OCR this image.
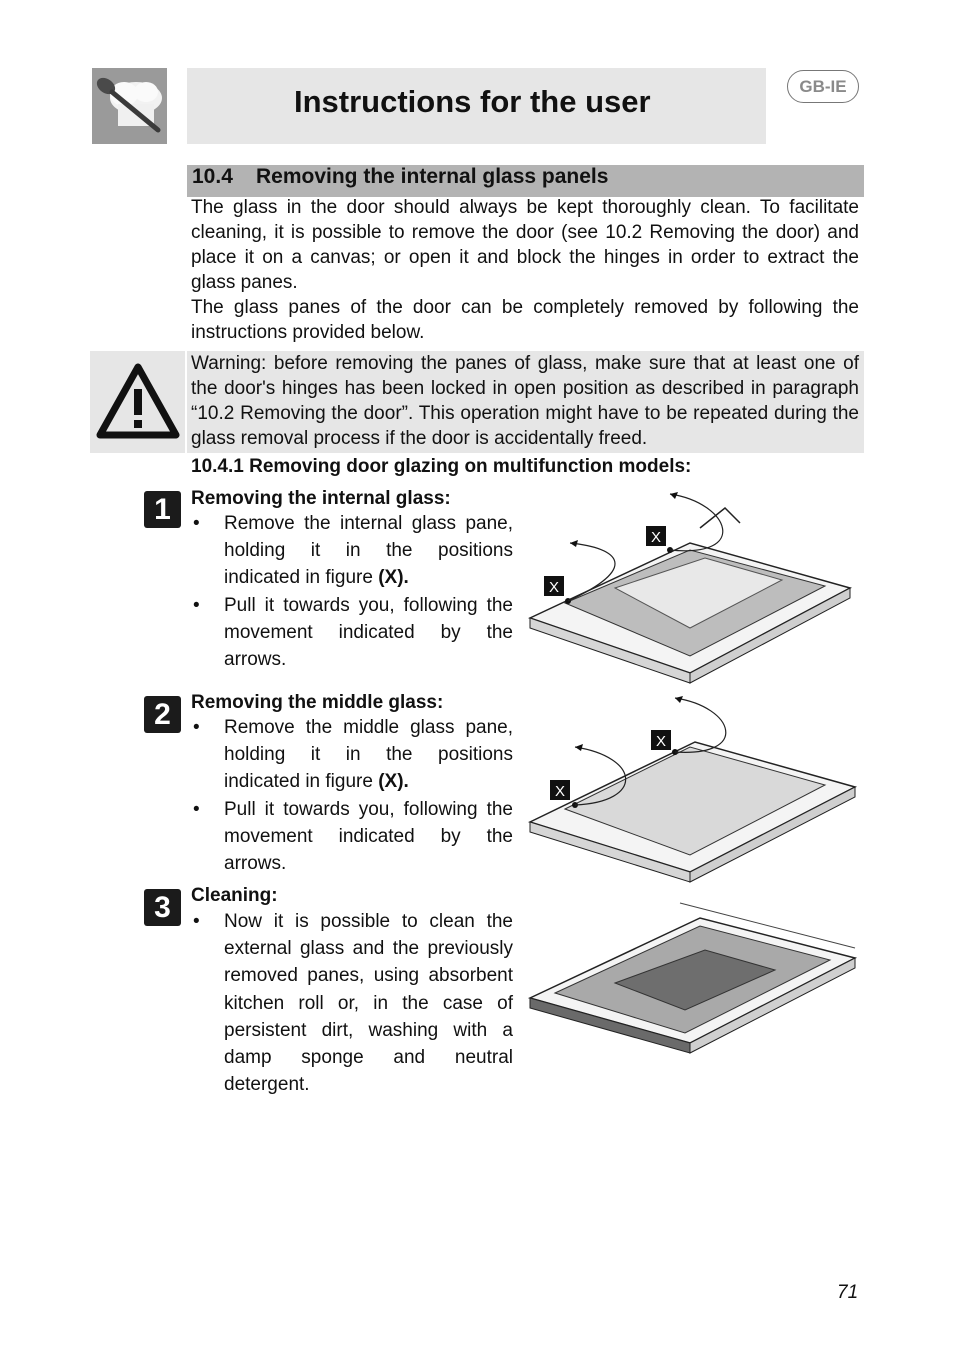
Instructions for the user	GB-IE
10.4 Removing the internal glass panels
The glass in the door should always be kept thoroughly clean. To facilitate cleaning, it is possible to remove the door (see 10.2 Removing the door) and place it on a canvas; or open it and block the hinges in order to extract the glass panes.
The glass panes of the door can be completely removed by following the instructions provided below.
Warning: before removing the panes of glass, make sure that at least one of the door's hinges has been locked in open position as described in paragraph “10.2 Removing the door”. This operation might have to be repeated during the glass removal process if the door is accidentally freed.
10.4.1 Removing door glazing on multifunction models:
1	Removing the internal glass:
• Remove the internal glass pane, holding it in the positions indicated in figure (X).
• Pull it towards you, following the movement indicated by the arrows.
X
X
2	Removing the middle glass:
• Remove the middle glass pane, holding it in the positions indicated in figure (X).
• Pull it towards you, following the movement indicated by the arrows.
X
X
3	Cleaning:
• Now it is possible to clean the external glass and the previously removed panes, using absorbent kitchen roll or, in the case of persistent dirt, washing with a damp sponge and neutral detergent.
71
